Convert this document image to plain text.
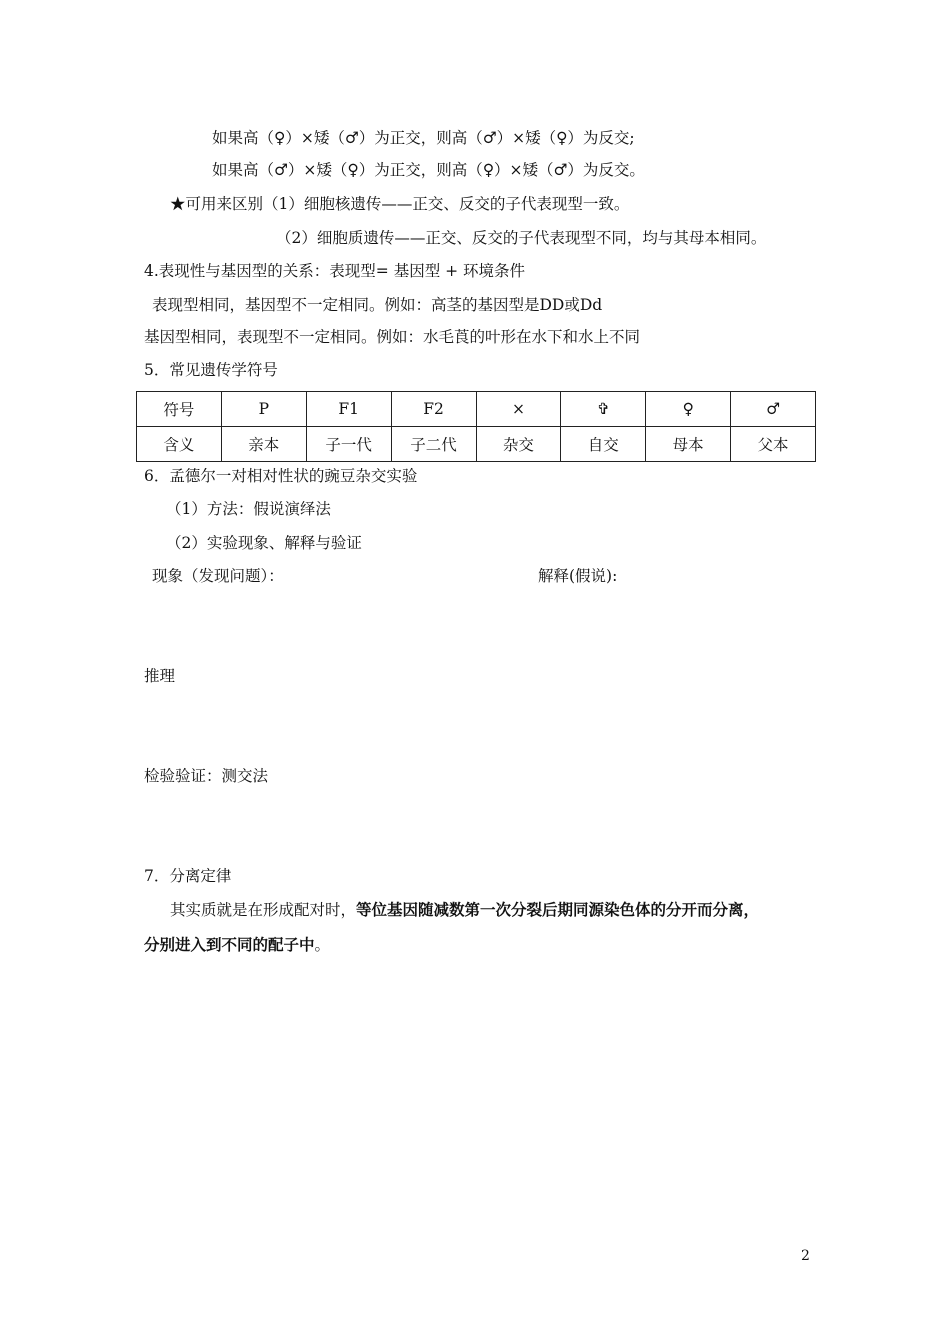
如果高（♀）×矮（♂）为正交，则高（♂）×矮（♀）为反交;
如果高（♂）×矮（♀）为正交，则高（♀）×矮（♂）为反交。
★可用来区别（1）细胞核遗传——正交、反交的子代表现型一致。
（2）细胞质遗传——正交、反交的子代表现型不同，均与其母本相同。
4.表现性与基因型的关系：表现型= 基因型 + 环境条件
表现型相同，基因型不一定相同。例如：高茎的基因型是DD或Dd
基因型相同，表现型不一定相同。例如：水毛莨的叶形在水下和水上不同
5．常见遗传学符号
符号	P	F1	F2	×	✞	♀	♂
含义	亲本	子一代	子二代	杂交	自交	母本	父本
6．孟德尔一对相对性状的豌豆杂交实验
（1）方法：假说演绎法
（2）实验现象、解释与验证
现象（发现问题）：	解释(假说):
推理
检验验证：测交法
7．分离定律
其实质就是在形成配对时，等位基因随减数第一次分裂后期同源染色体的分开而分离，
分别进入到不同的配子中。
2
